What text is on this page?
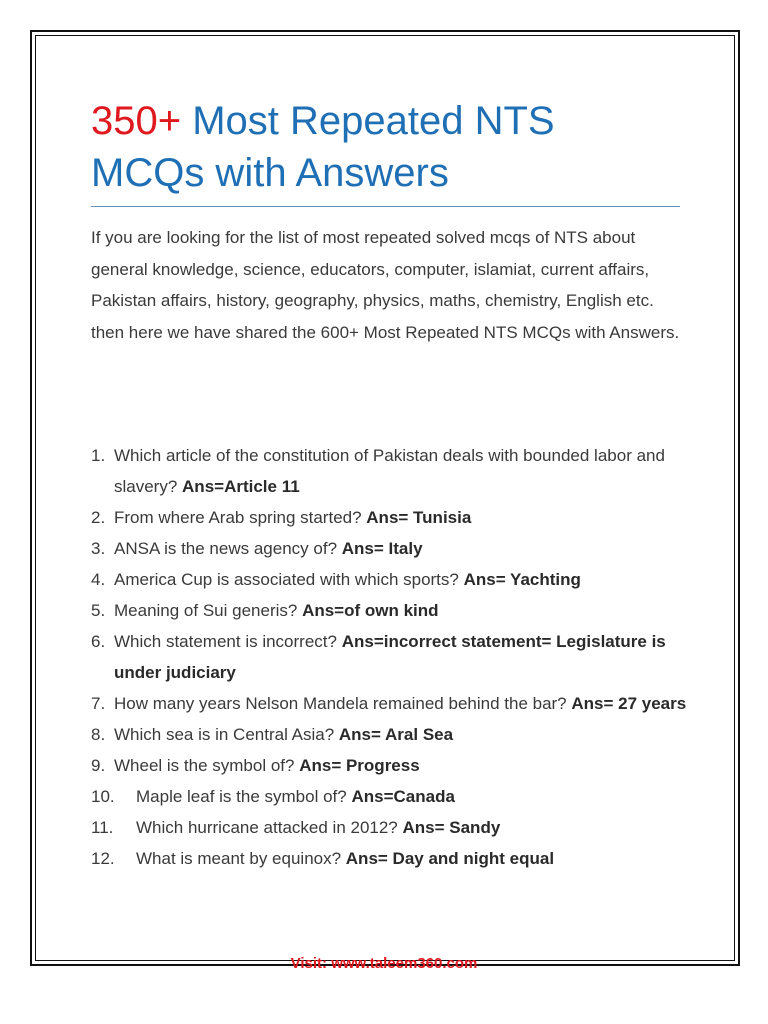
350+ Most Repeated NTS MCQs with Answers

If you are looking for the list of most repeated solved mcqs of NTS about general knowledge, science, educators, computer, islamiat, current affairs, Pakistan affairs, history, geography, physics, maths, chemistry, English etc. then here we have shared the 600+ Most Repeated NTS MCQs with Answers.

1. Which article of the constitution of Pakistan deals with bounded labor and slavery? Ans=Article 11
2. From where Arab spring started? Ans= Tunisia
3. ANSA is the news agency of? Ans= Italy
4. America Cup is associated with which sports? Ans= Yachting
5. Meaning of Sui generis? Ans=of own kind
6. Which statement is incorrect? Ans=incorrect statement= Legislature is under judiciary
7. How many years Nelson Mandela remained behind the bar? Ans= 27 years
8. Which sea is in Central Asia? Ans= Aral Sea
9. Wheel is the symbol of? Ans= Progress
10.	Maple leaf is the symbol of? Ans=Canada
11.	Which hurricane attacked in 2012? Ans= Sandy
12.	What is meant by equinox? Ans= Day and night equal
Visit: www.taleem360.com
